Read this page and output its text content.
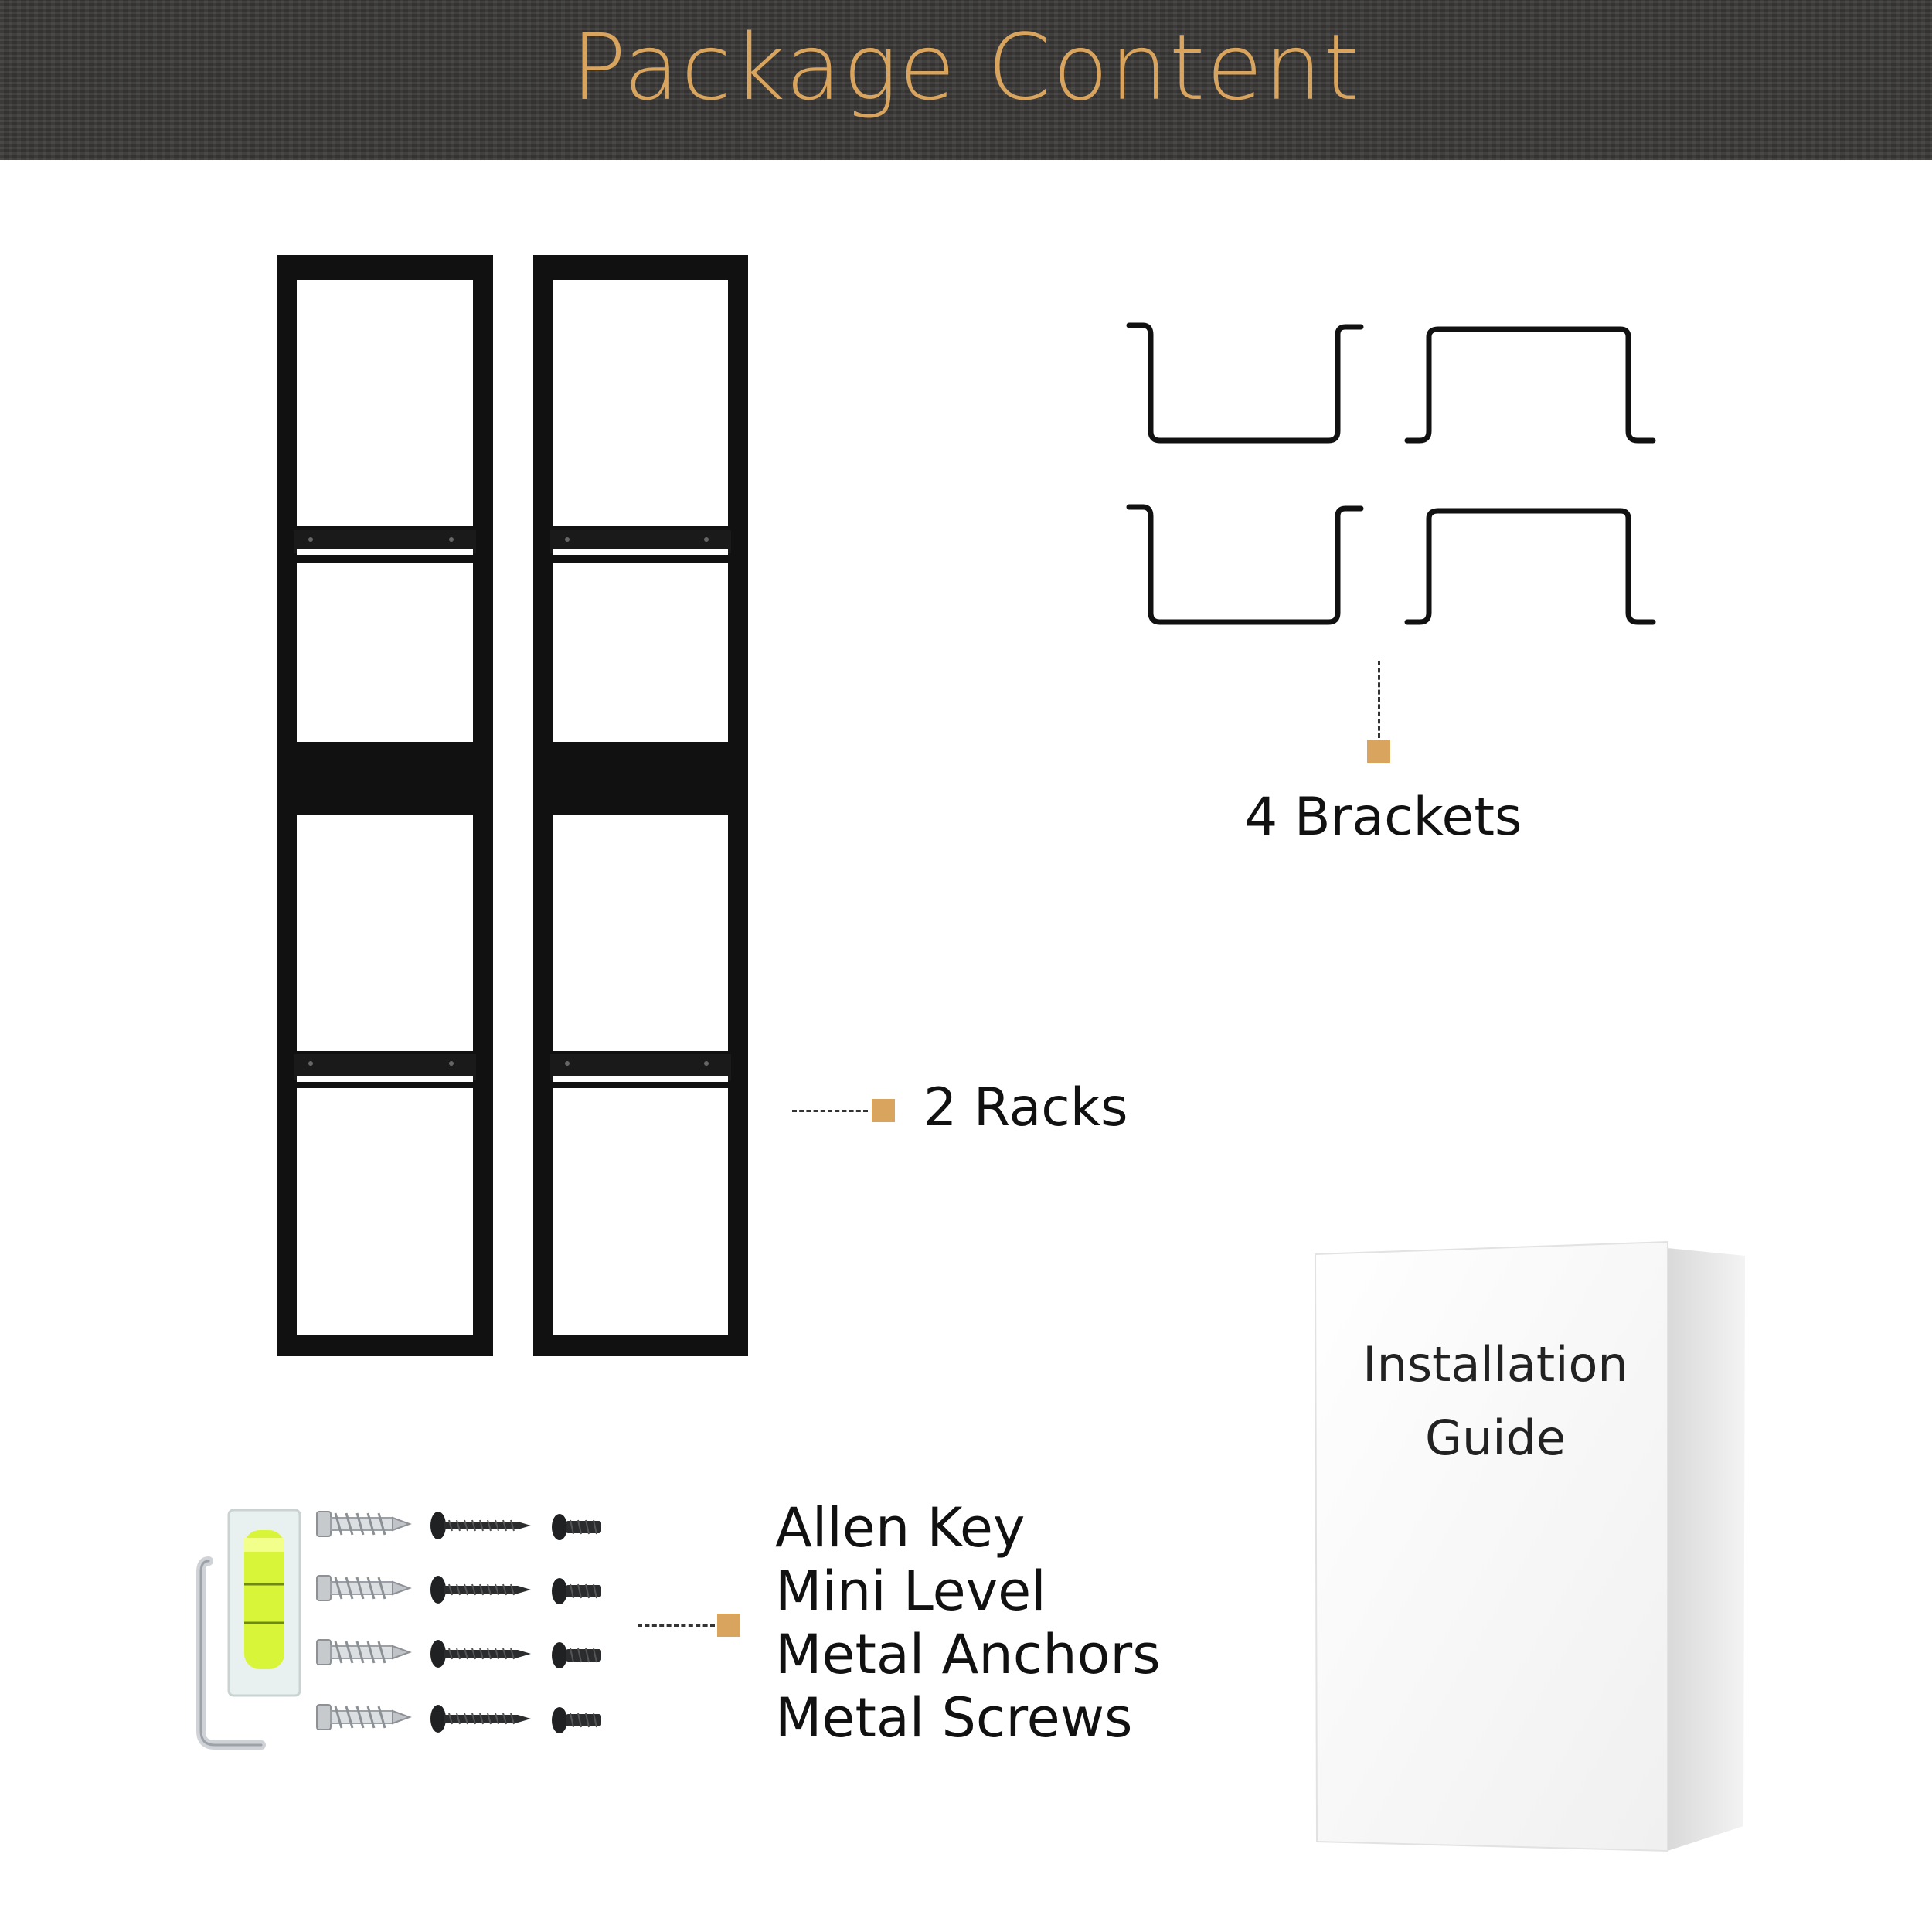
Package Content
2 Racks
4 Brackets
Allen Key
Mini Level
Metal Anchors
Metal Screws
Installation
Guide
